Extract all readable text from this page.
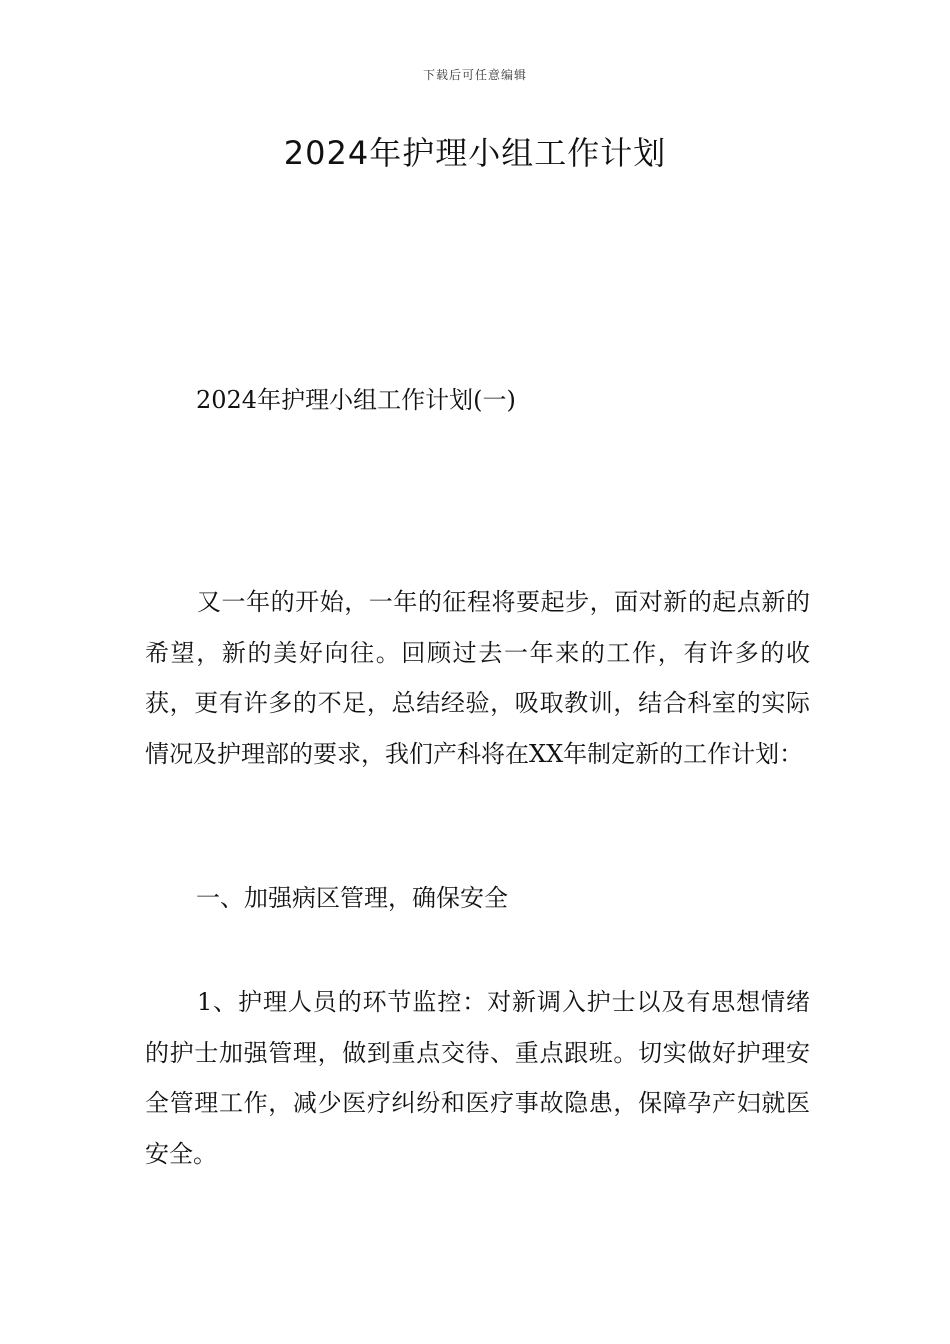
下载后可任意编辑
2024年护理小组工作计划
2024年护理小组工作计划(一)

又一年的开始，一年的征程将要起步，面对新的起点新的希望，新的美好向往。回顾过去一年来的工作，有许多的收获，更有许多的不足，总结经验，吸取教训，结合科室的实际情况及护理部的要求，我们产科将在XX年制定新的工作计划：

一、加强病区管理，确保安全

1、护理人员的环节监控：对新调入护士以及有思想情绪的护士加强管理，做到重点交待、重点跟班。切实做好护理安全管理工作，减少医疗纠纷和医疗事故隐患，保障孕产妇就医安全。
